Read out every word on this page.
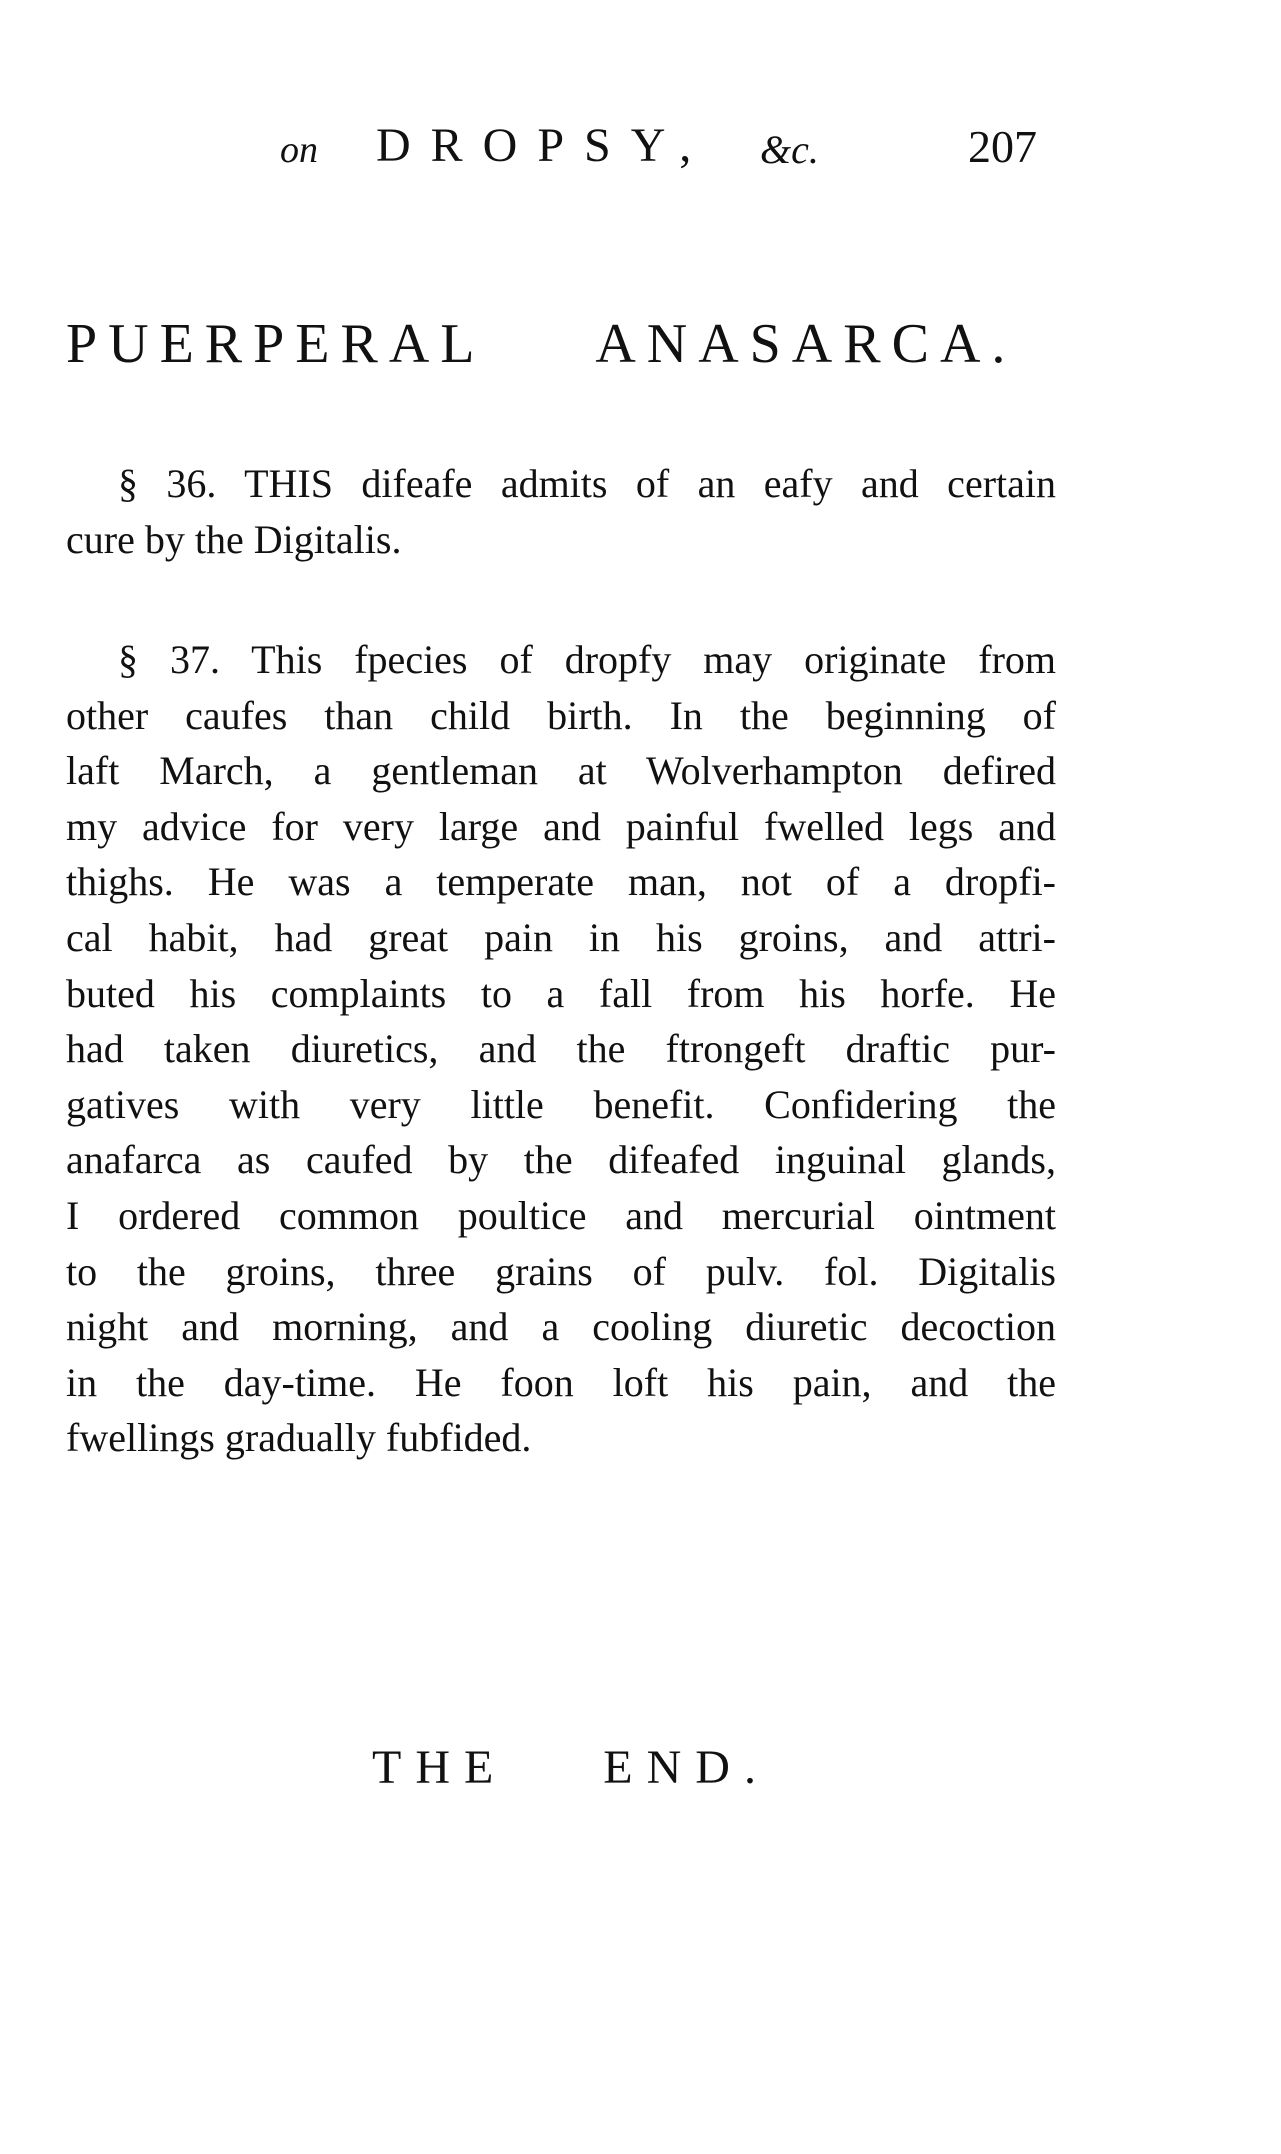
on DROPSY, &c.	207
PUERPERAL ANASARCA.

§ 36. THIS difeafe admits of an eafy and certain
cure by the Digitalis.

§ 37. This fpecies of dropfy may originate from
other caufes than child birth. In the beginning of
laft March, a gentleman at Wolverhampton defired
my advice for very large and painful fwelled legs and
thighs. He was a temperate man, not of a dropfi-
cal habit, had great pain in his groins, and attri-
buted his complaints to a fall from his horfe. He
had taken diuretics, and the ftrongeft draftic pur-
gatives with very little benefit. Confidering the
anafarca as caufed by the difeafed inguinal glands,
I ordered common poultice and mercurial ointment
to the groins, three grains of pulv. fol. Digitalis
night and morning, and a cooling diuretic decoction
in the day-time. He foon loft his pain, and the
fwellings gradually fubfided.

THE END.
